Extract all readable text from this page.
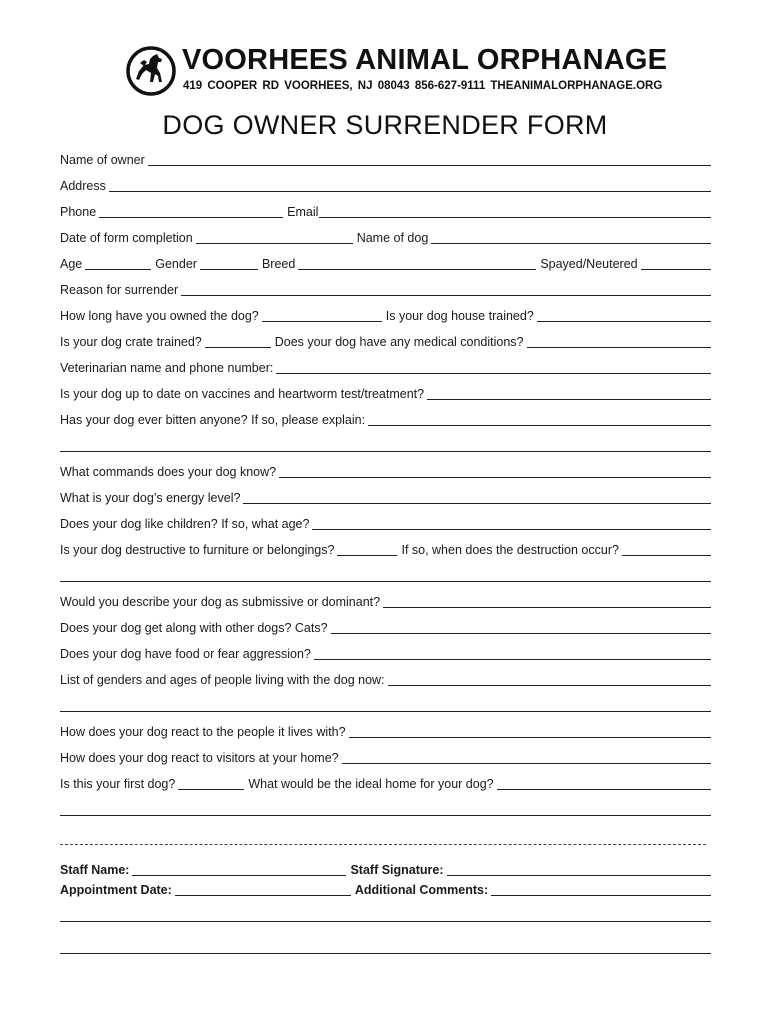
VOORHEES ANIMAL ORPHANAGE
419 COOPER RD VOORHEES, NJ 08043 856-627-9111 THEANIMALORPHANAGE.ORG
DOG OWNER SURRENDER FORM
Name of owner
Address
Phone	Email
Date of form completion	Name of dog
Age	Gender	Breed	Spayed/Neutered
Reason for surrender
How long have you owned the dog?	Is your dog house trained?
Is your dog crate trained?	Does your dog have any medical conditions?
Veterinarian name and phone number:
Is your dog up to date on vaccines and heartworm test/treatment?
Has your dog ever bitten anyone? If so, please explain:
What commands does your dog know?
What is your dog’s energy level?
Does your dog like children? If so, what age?
Is your dog destructive to furniture or belongings?	If so, when does the destruction occur?
Would you describe your dog as submissive or dominant?
Does your dog get along with other dogs? Cats?
Does your dog have food or fear aggression?
List of genders and ages of people living with the dog now:
How does your dog react to the people it lives with?
How does your dog react to visitors at your home?
Is this your first dog?	What would be the ideal home for your dog?
Staff Name:	Staff Signature:
Appointment Date:	Additional Comments:
